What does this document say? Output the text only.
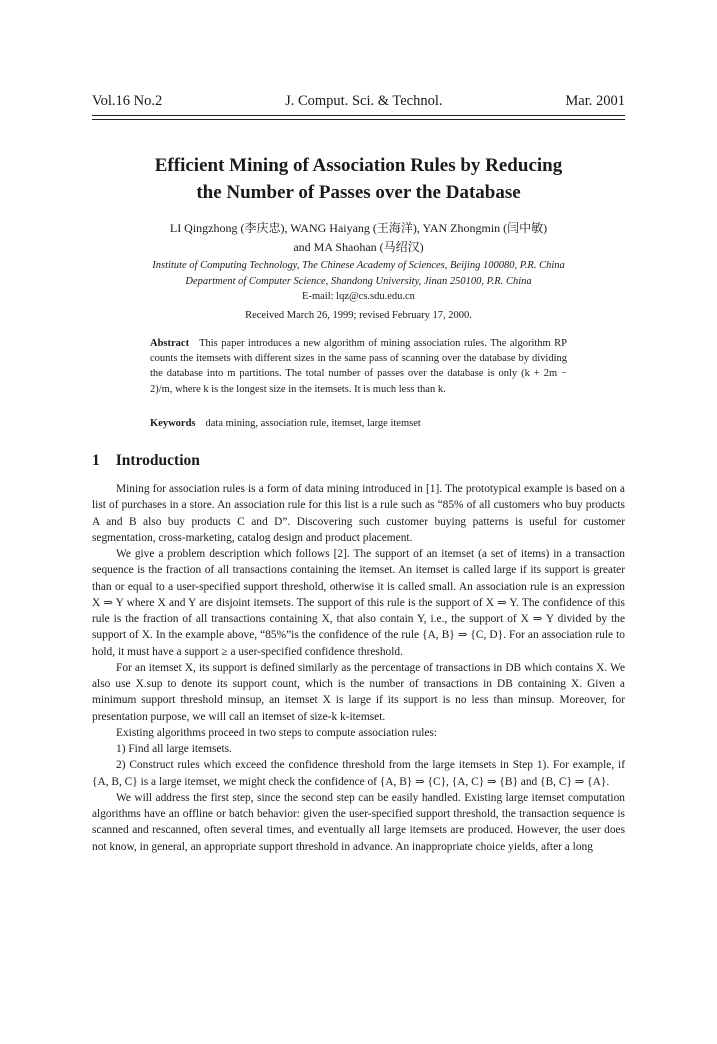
Vol.16 No.2	J. Comput. Sci. & Technol.	Mar. 2001
Efficient Mining of Association Rules by Reducing
the Number of Passes over the Database
LI Qingzhong (李庆忠), WANG Haiyang (王海洋), YAN Zhongmin (闫中敏)
and MA Shaohan (马绍汉)
Institute of Computing Technology, The Chinese Academy of Sciences, Beijing 100080, P.R. China
Department of Computer Science, Shandong University, Jinan 250100, P.R. China
E-mail: lqz@cs.sdu.edu.cn
Received March 26, 1999; revised February 17, 2000.

Abstract This paper introduces a new algorithm of mining association rules. The algorithm RP counts the itemsets with different sizes in the same pass of scanning over the database by dividing the database into m partitions. The total number of passes over the database is only (k + 2m − 2)/m, where k is the longest size in the itemsets. It is much less than k.

Keywords data mining, association rule, itemset, large itemset
1 Introduction

Mining for association rules is a form of data mining introduced in [1]. The prototypical example is based on a list of purchases in a store. An association rule for this list is a rule such as “85% of all customers who buy products A and B also buy products C and D”. Discovering such customer buying patterns is useful for customer segmentation, cross-marketing, catalog design and product placement.

We give a problem description which follows [2]. The support of an itemset (a set of items) in a transaction sequence is the fraction of all transactions containing the itemset. An itemset is called large if its support is greater than or equal to a user-specified support threshold, otherwise it is called small. An association rule is an expression X ⇒ Y where X and Y are disjoint itemsets. The support of this rule is the support of X ⇒ Y. The confidence of this rule is the fraction of all transactions containing X, that also contain Y, i.e., the support of X ⇒ Y divided by the support of X. In the example above, “85%”is the confidence of the rule {A, B} ⇒ {C, D}. For an association rule to hold, it must have a support ≥ a user-specified confidence threshold.

For an itemset X, its support is defined similarly as the percentage of transactions in DB which contains X. We also use X.sup to denote its support count, which is the number of transactions in DB containing X. Given a minimum support threshold minsup, an itemset X is large if its support is no less than minsup. Moreover, for presentation purpose, we will call an itemset of size-k k-itemset.

Existing algorithms proceed in two steps to compute association rules:

1) Find all large itemsets.

2) Construct rules which exceed the confidence threshold from the large itemsets in Step 1). For example, if {A, B, C} is a large itemset, we might check the confidence of {A, B} ⇒ {C}, {A, C} ⇒ {B} and {B, C} ⇒ {A}.

We will address the first step, since the second step can be easily handled. Existing large itemset computation algorithms have an offline or batch behavior: given the user-specified support threshold, the transaction sequence is scanned and rescanned, often several times, and eventually all large itemsets are produced. However, the user does not know, in general, an appropriate support threshold in advance. An inappropriate choice yields, after a long
